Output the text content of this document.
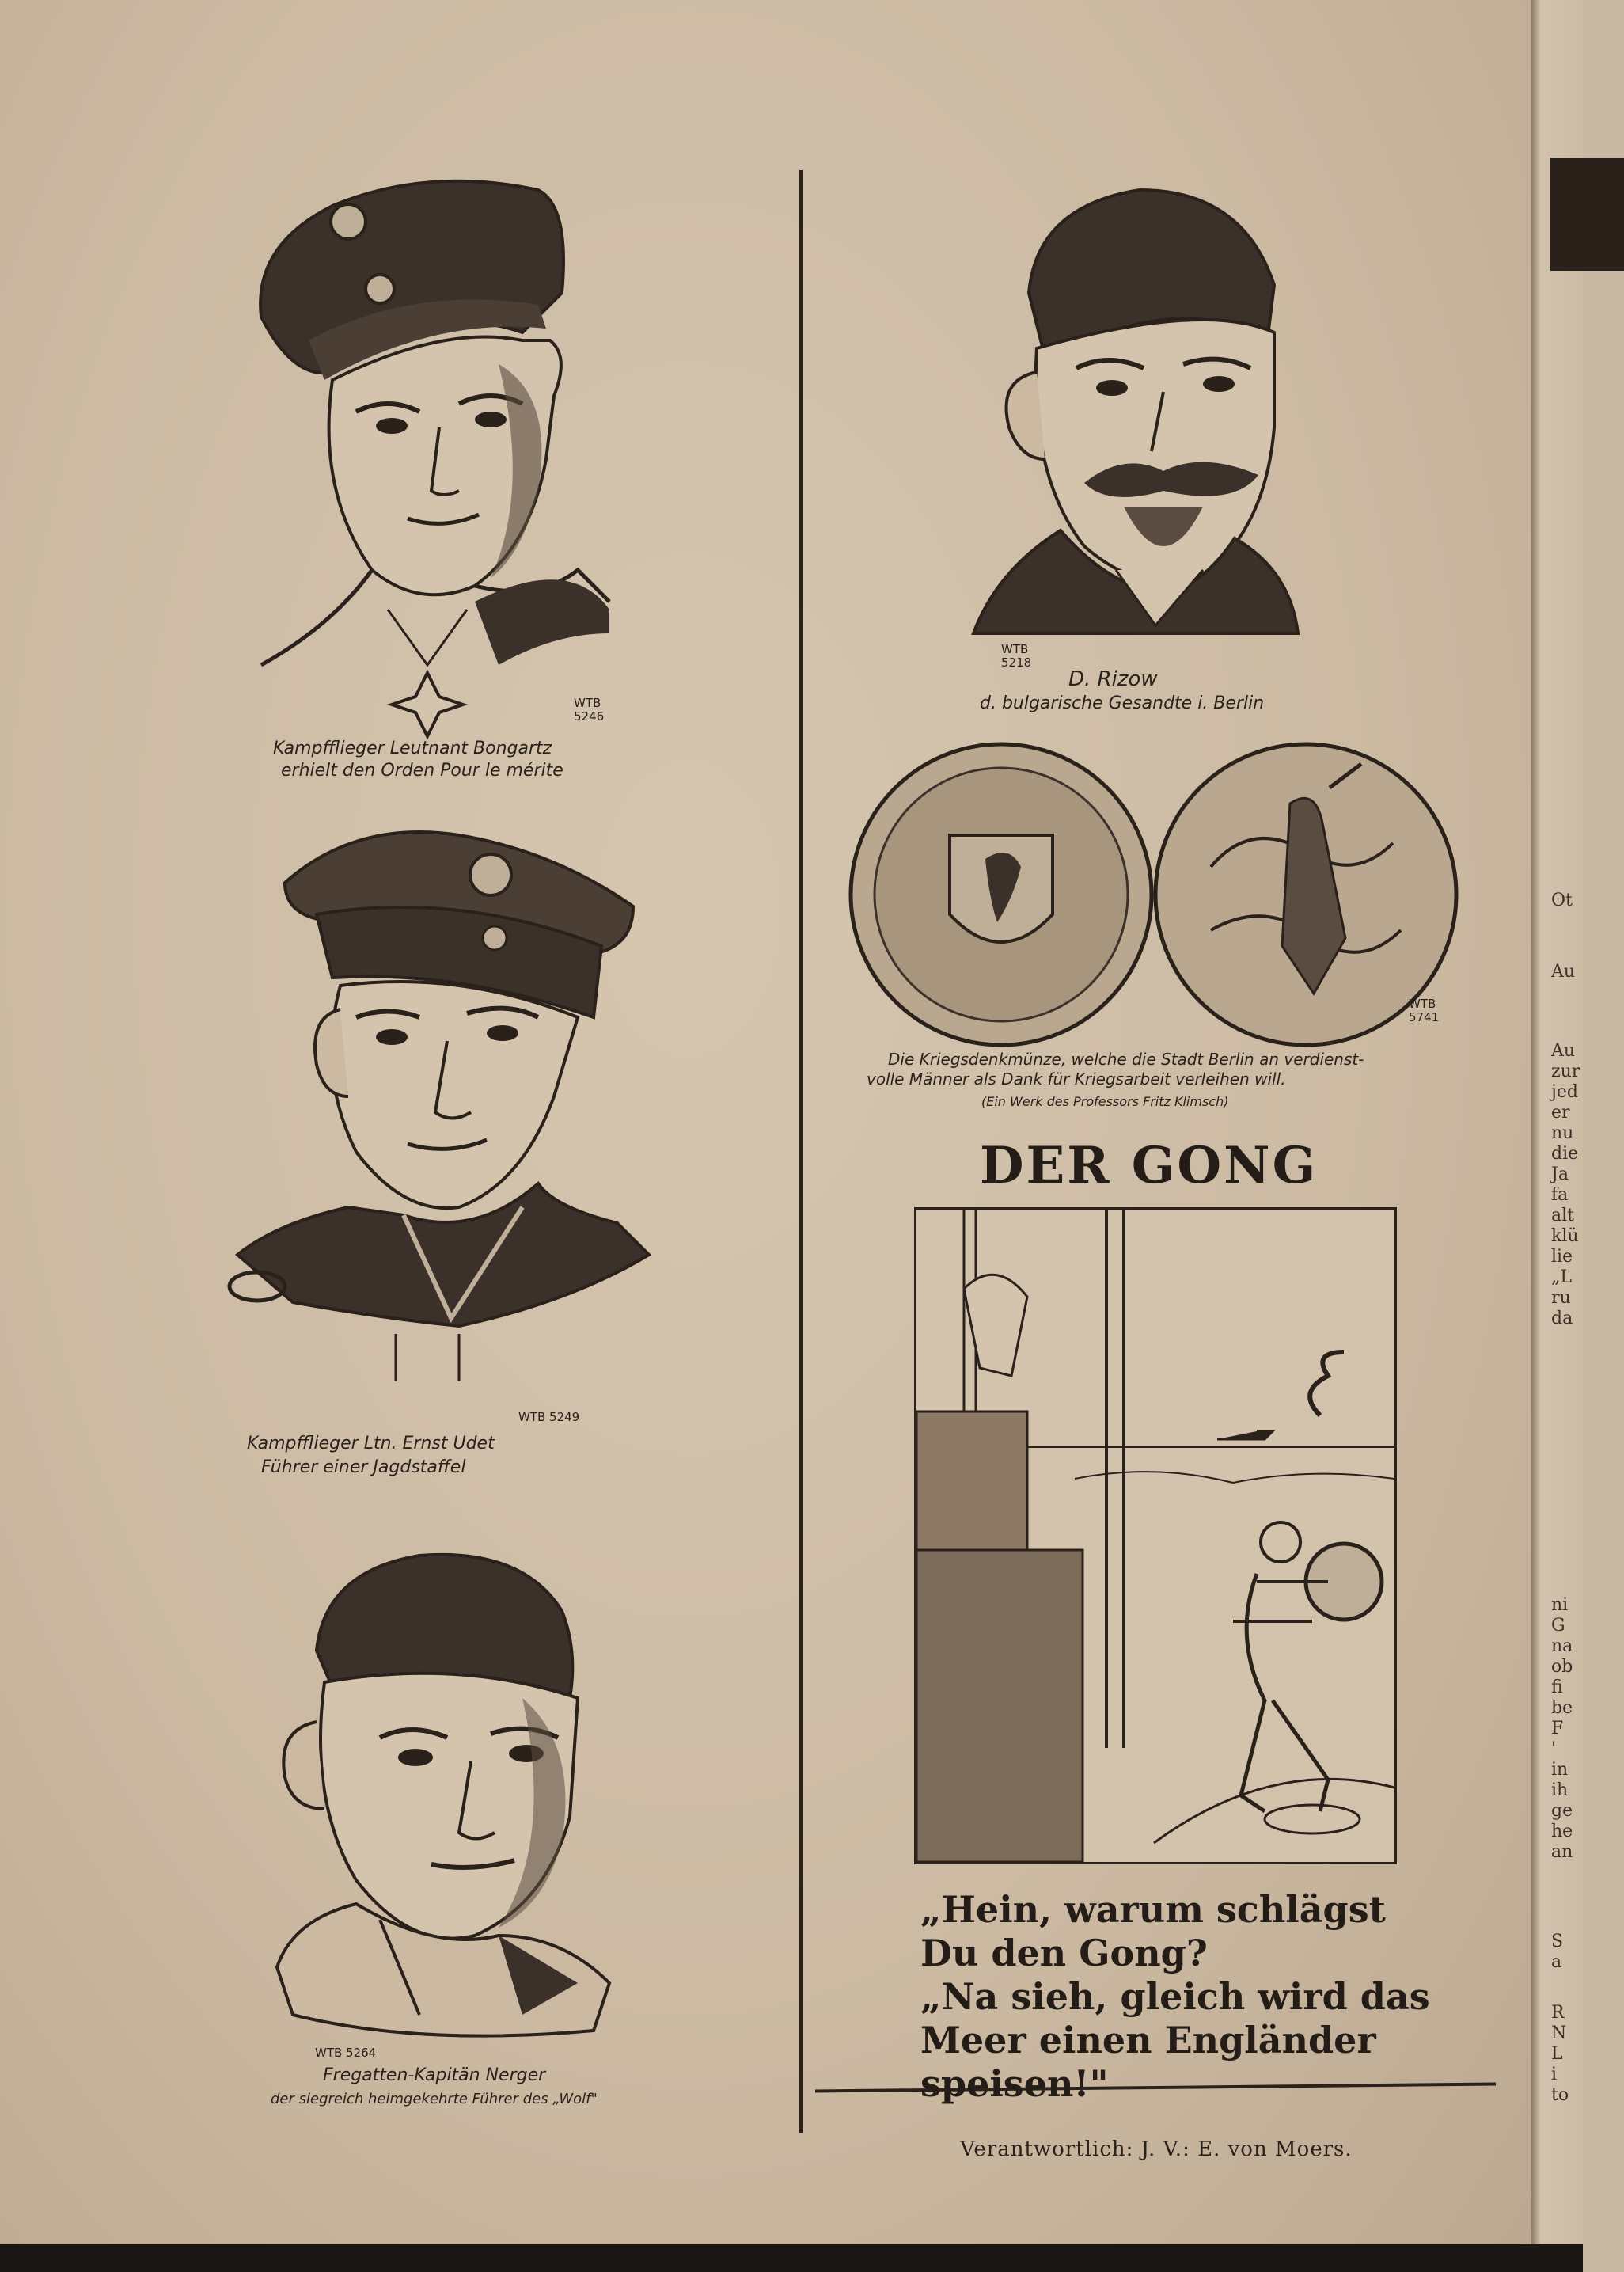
WTB
5246
Kampfflieger Leutnant Bongartz
erhielt den Orden Pour le mérite
WTB 5249
Kampfflieger Ltn. Ernst Udet
Führer einer Jagdstaffel
WTB 5264
Fregatten-Kapitän Nerger
der siegreich heimgekehrte Führer des „Wolf"
WTB
5218
D. Rizow
d. bulgarische Gesandte i. Berlin
WTB
5741
Die Kriegsdenkmünze, welche die Stadt Berlin an verdienst-
volle Männer als Dank für Kriegsarbeit verleihen will.
(Ein Werk des Professors Fritz Klimsch)
DER GONG
„Hein, warum schlägst
Du den Gong?
„Na sieh, gleich wird das
Meer einen Engländer
speisen!"
Verantwortlich: J. V.: E. von Moers.
█
Ot
Au
Au
zur
jed
er
nu
die
Ja
fa
alt
klü
lie
„L
ru
da
ni
G
na
ob
fi
be
F
'
in
ih
ge
he
an
S
a
R
N
L
i
to
